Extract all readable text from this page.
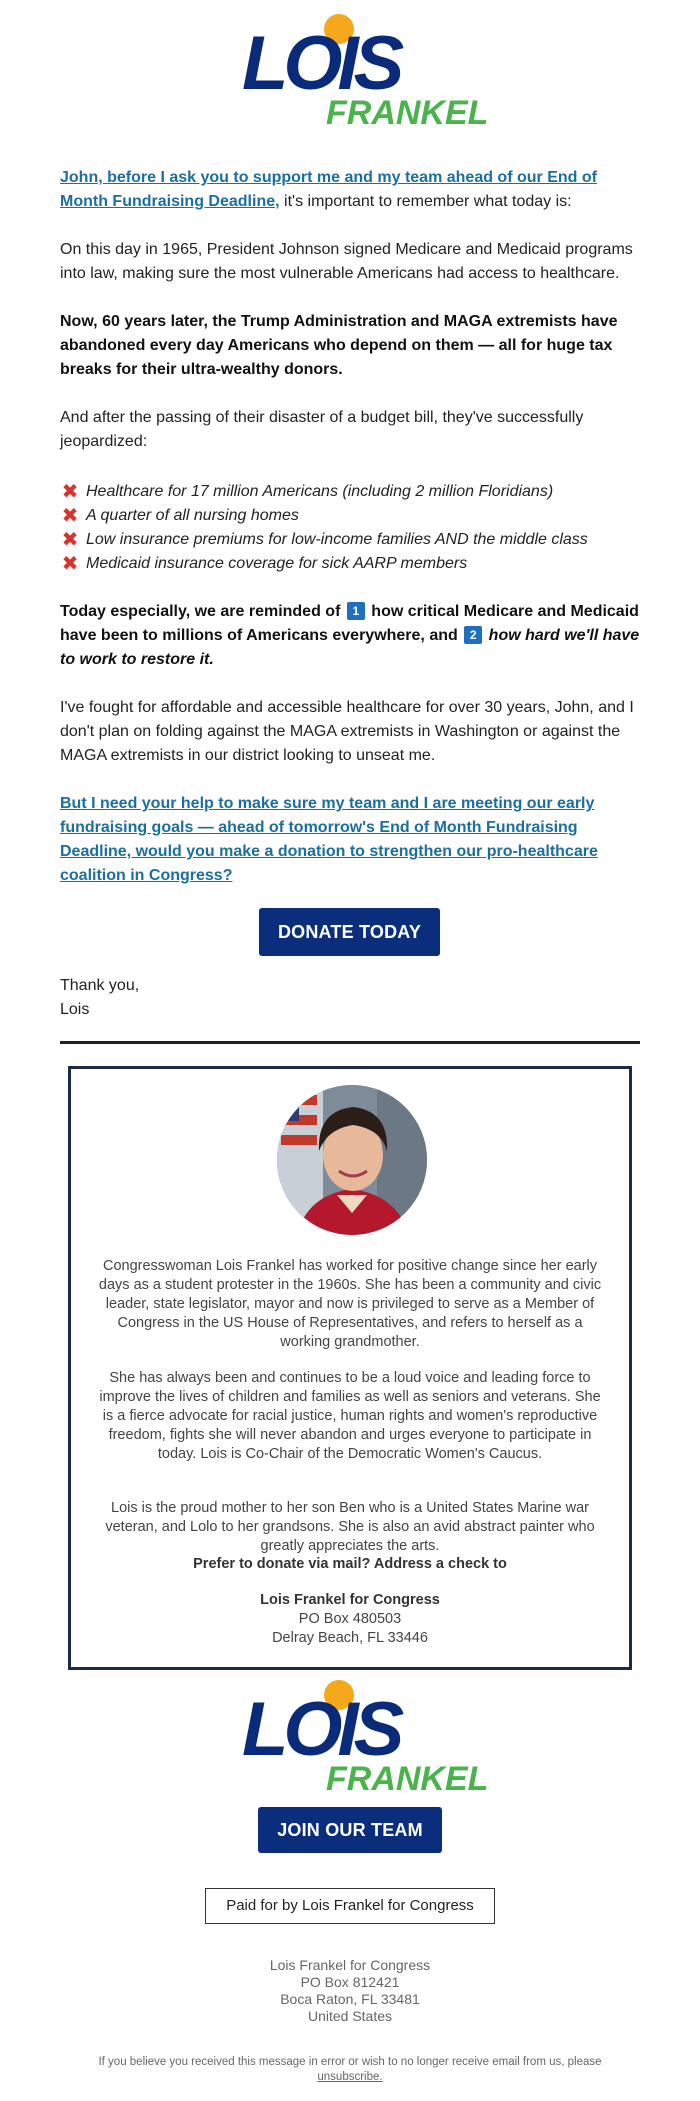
LOIS
FRANKEL
John, before I ask you to support me and my team ahead of our End of Month Fundraising Deadline, it's important to remember what today is:
On this day in 1965, President Johnson signed Medicare and Medicaid programs into law, making sure the most vulnerable Americans had access to healthcare.
Now, 60 years later, the Trump Administration and MAGA extremists have abandoned every day Americans who depend on them — all for huge tax breaks for their ultra-wealthy donors.
And after the passing of their disaster of a budget bill, they've successfully jeopardized:
✖ Healthcare for 17 million Americans (including 2 million Floridians)
✖ A quarter of all nursing homes
✖ Low insurance premiums for low-income families AND the middle class
✖ Medicaid insurance coverage for sick AARP members
Today especially, we are reminded of 1 how critical Medicare and Medicaid have been to millions of Americans everywhere, and 2 how hard we'll have to work to restore it.
I've fought for affordable and accessible healthcare for over 30 years, John, and I don't plan on folding against the MAGA extremists in Washington or against the MAGA extremists in our district looking to unseat me.
But I need your help to make sure my team and I are meeting our early fundraising goals — ahead of tomorrow's End of Month Fundraising Deadline, would you make a donation to strengthen our pro-healthcare coalition in Congress?
DONATE TODAY
Thank you,
Lois
Congresswoman Lois Frankel has worked for positive change since her early days as a student protester in the 1960s. She has been a community and civic leader, state legislator, mayor and now is privileged to serve as a Member of Congress in the US House of Representatives, and refers to herself as a working grandmother.
She has always been and continues to be a loud voice and leading force to improve the lives of children and families as well as seniors and veterans. She is a fierce advocate for racial justice, human rights and women's reproductive freedom, fights she will never abandon and urges everyone to participate in today. Lois is Co-Chair of the Democratic Women's Caucus.
Lois is the proud mother to her son Ben who is a United States Marine war veteran, and Lolo to her grandsons. She is also an avid abstract painter who greatly appreciates the arts.
Prefer to donate via mail? Address a check to
Lois Frankel for Congress
PO Box 480503
Delray Beach, FL 33446
LOIS
FRANKEL
JOIN OUR TEAM
Paid for by Lois Frankel for Congress
Lois Frankel for Congress
PO Box 812421
Boca Raton, FL 33481
United States
If you believe you received this message in error or wish to no longer receive email from us, please unsubscribe.
